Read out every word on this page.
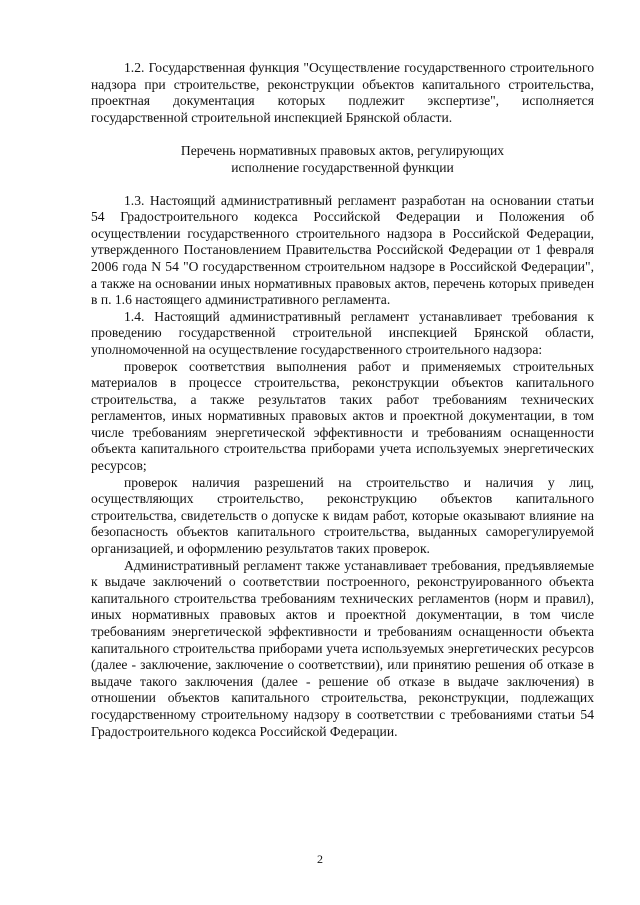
1.2. Государственная функция "Осуществление государственного строительного надзора при строительстве, реконструкции объектов капитального строительства, проектная документация которых подлежит экспертизе", исполняется государственной строительной инспекцией Брянской области.

Перечень нормативных правовых актов, регулирующих
исполнение государственной функции

1.3. Настоящий административный регламент разработан на основании статьи 54 Градостроительного кодекса Российской Федерации и Положения об осуществлении государственного строительного надзора в Российской Федерации, утвержденного Постановлением Правительства Российской Федерации от 1 февраля 2006 года N 54 "О государственном строительном надзоре в Российской Федерации", а также на основании иных нормативных правовых актов, перечень которых приведен в п. 1.6 настоящего административного регламента.

1.4. Настоящий административный регламент устанавливает требования к проведению государственной строительной инспекцией Брянской области, уполномоченной на осуществление государственного строительного надзора:

проверок соответствия выполнения работ и применяемых строительных материалов в процессе строительства, реконструкции объектов капитального строительства, а также результатов таких работ требованиям технических регламентов, иных нормативных правовых актов и проектной документации, в том числе требованиям энергетической эффективности и требованиям оснащенности объекта капитального строительства приборами учета используемых энергетических ресурсов;

проверок наличия разрешений на строительство и наличия у лиц, осуществляющих строительство, реконструкцию объектов капитального строительства, свидетельств о допуске к видам работ, которые оказывают влияние на безопасность объектов капитального строительства, выданных саморегулируемой организацией, и оформлению результатов таких проверок.

Административный регламент также устанавливает требования, предъявляемые к выдаче заключений о соответствии построенного, реконструированного объекта капитального строительства требованиям технических регламентов (норм и правил), иных нормативных правовых актов и проектной документации, в том числе требованиям энергетической эффективности и требованиям оснащенности объекта капитального строительства приборами учета используемых энергетических ресурсов (далее - заключение, заключение о соответствии), или принятию решения об отказе в выдаче такого заключения (далее - решение об отказе в выдаче заключения) в отношении объектов капитального строительства, реконструкции, подлежащих государственному строительному надзору в соответствии с требованиями статьи 54 Градостроительного кодекса Российской Федерации.

2
